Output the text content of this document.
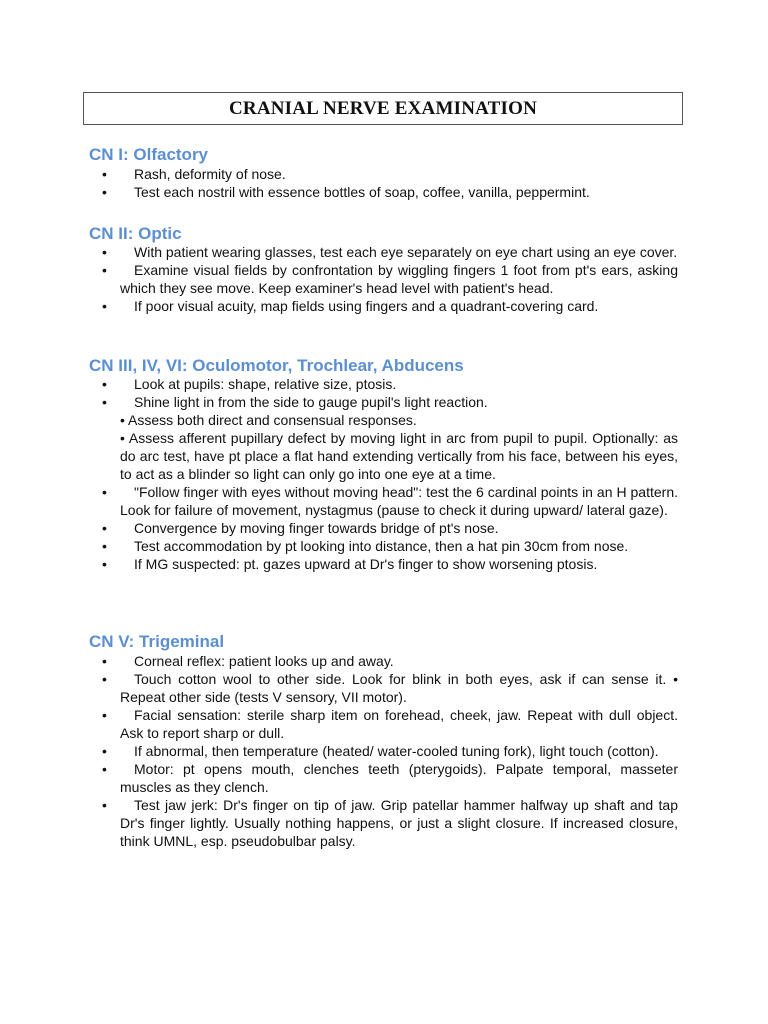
CRANIAL NERVE EXAMINATION
CN I: Olfactory
•	Rash, deformity of nose.
•	Test each nostril with essence bottles of soap, coffee, vanilla, peppermint.
CN II: Optic
•	With patient wearing glasses, test each eye separately on eye chart using an eye cover.
•	Examine visual fields by confrontation by wiggling fingers 1 foot from pt's ears, asking which they see move. Keep examiner's head level with patient's head.
•	If poor visual acuity, map fields using fingers and a quadrant-covering card.
CN III, IV, VI: Oculomotor, Trochlear, Abducens
•	Look at pupils: shape, relative size, ptosis.
•	Shine light in from the side to gauge pupil's light reaction.
• Assess both direct and consensual responses.
• Assess afferent pupillary defect by moving light in arc from pupil to pupil. Optionally: as do arc test, have pt place a flat hand extending vertically from his face, between his eyes, to act as a blinder so light can only go into one eye at a time.
•	"Follow finger with eyes without moving head": test the 6 cardinal points in an H pattern. Look for failure of movement, nystagmus (pause to check it during upward/ lateral gaze).
•	Convergence by moving finger towards bridge of pt's nose.
•	Test accommodation by pt looking into distance, then a hat pin 30cm from nose.
•	If MG suspected: pt. gazes upward at Dr's finger to show worsening ptosis.
CN V: Trigeminal
•	Corneal reflex: patient looks up and away.
•	Touch cotton wool to other side. Look for blink in both eyes, ask if can sense it. • Repeat other side (tests V sensory, VII motor).
•	Facial sensation: sterile sharp item on forehead, cheek, jaw. Repeat with dull object. Ask to report sharp or dull.
•	If abnormal, then temperature (heated/ water-cooled tuning fork), light touch (cotton).
•	Motor: pt opens mouth, clenches teeth (pterygoids). Palpate temporal, masseter muscles as they clench.
•	Test jaw jerk: Dr's finger on tip of jaw. Grip patellar hammer halfway up shaft and tap Dr's finger lightly. Usually nothing happens, or just a slight closure. If increased closure, think UMNL, esp. pseudobulbar palsy.
